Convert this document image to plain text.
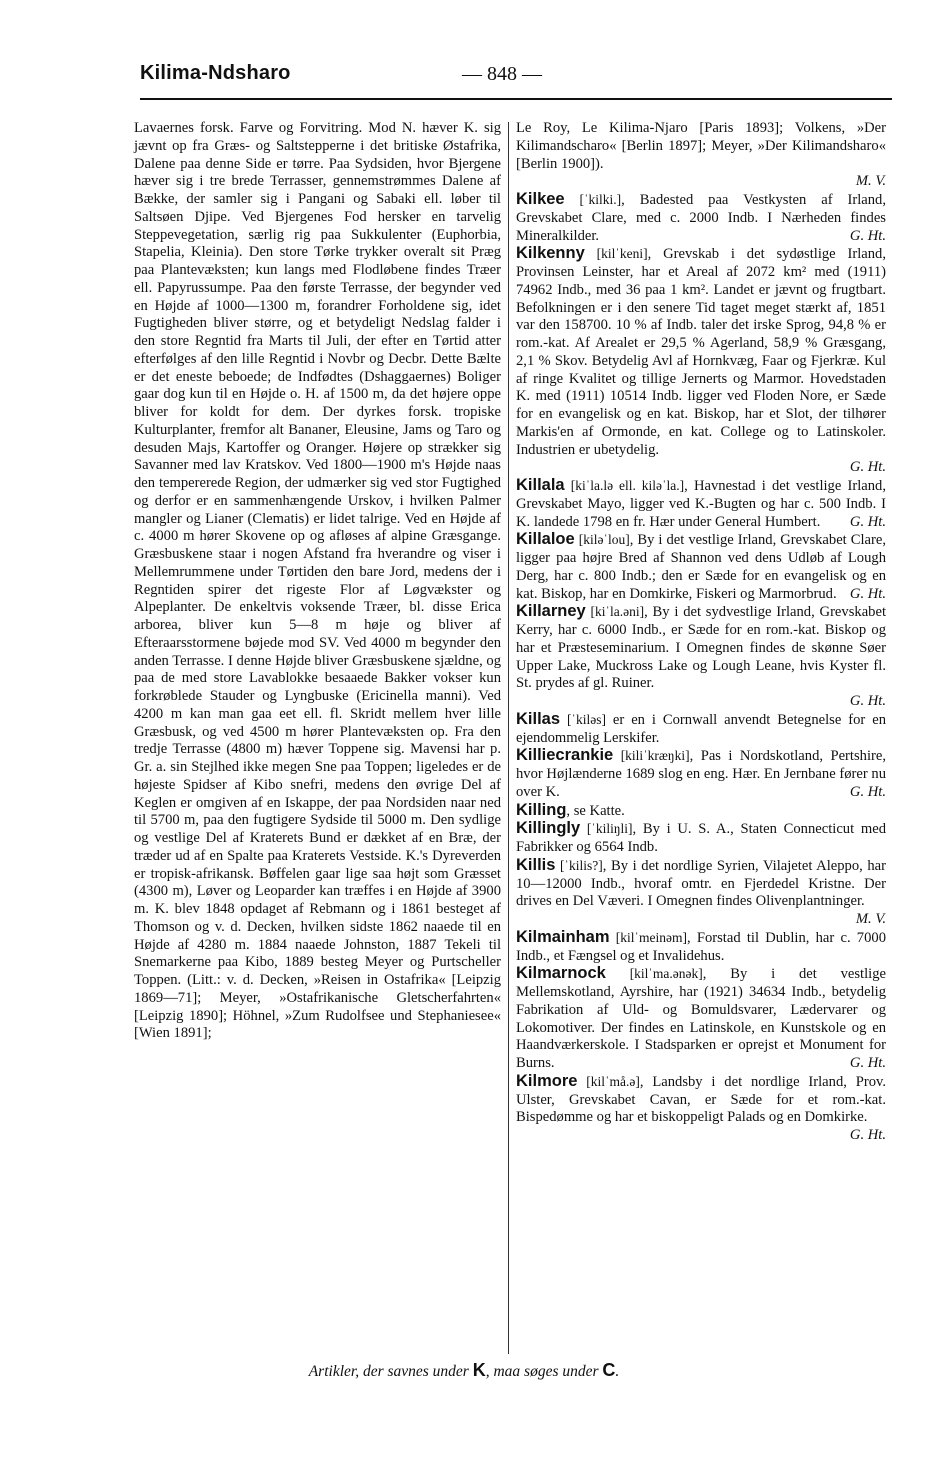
Kilima-Ndsharo	— 848 —

Lavaernes forsk. Farve og Forvitring. Mod N. hæver K. sig jævnt op fra Græs- og Saltstepperne i det britiske Østafrika, Dalene paa denne Side er tørre. Paa Sydsiden, hvor Bjergene hæver sig i tre brede Terrasser, gennemstrømmes Dalene af Bække, der samler sig i Pangani og Sabaki ell. løber til Saltsøen Djipe. Ved Bjergenes Fod hersker en tarvelig Steppevegetation, særlig rig paa Sukkulenter (Euphorbia, Stapelia, Kleinia). Den store Tørke trykker overalt sit Præg paa Plantevæksten; kun langs med Flodløbene findes Træer ell. Papyrussumpe. Paa den første Terrasse, der begynder ved en Højde af 1000—1300 m, forandrer Forholdene sig, idet Fugtigheden bliver større, og et betydeligt Nedslag falder i den store Regntid fra Marts til Juli, der efter en Tørtid atter efterfølges af den lille Regntid i Novbr og Decbr. Dette Bælte er det eneste beboede; de Indfødtes (Dshaggaernes) Boliger gaar dog kun til en Højde o. H. af 1500 m, da det højere oppe bliver for koldt for dem. Der dyrkes forsk. tropiske Kulturplanter, fremfor alt Bananer, Eleusine, Jams og Taro og desuden Majs, Kartoffer og Oranger. Højere op strækker sig Savanner med lav Kratskov. Ved 1800—1900 m's Højde naas den tempererede Region, der udmærker sig ved stor Fugtighed og derfor er en sammenhængende Urskov, i hvilken Palmer mangler og Lianer (Clematis) er lidet talrige. Ved en Højde af c. 4000 m hører Skovene op og afløses af alpine Græsgange. Græsbuskene staar i nogen Afstand fra hverandre og viser i Mellemrummene under Tørtiden den bare Jord, medens der i Regntiden spirer det rigeste Flor af Løgvækster og Alpeplanter. De enkeltvis voksende Træer, bl. disse Erica arborea, bliver kun 5—8 m høje og bliver af Efteraarsstormene bøjede mod SV. Ved 4000 m begynder den anden Terrasse. I denne Højde bliver Græsbuskene sjældne, og paa de med store Lavablokke besaaede Bakker vokser kun forkrøblede Stauder og Lyngbuske (Ericinella manni). Ved 4200 m kan man gaa eet ell. fl. Skridt mellem hver lille Græsbusk, og ved 4500 m hører Plantevæksten op. Fra den tredje Terrasse (4800 m) hæver Toppene sig. Mavensi har p. Gr. a. sin Stejlhed ikke megen Sne paa Toppen; ligeledes er de højeste Spidser af Kibo snefri, medens den øvrige Del af Keglen er omgiven af en Iskappe, der paa Nordsiden naar ned til 5700 m, paa den fugtigere Sydside til 5000 m. Den sydlige og vestlige Del af Kraterets Bund er dækket af en Bræ, der træder ud af en Spalte paa Kraterets Vestside. K.'s Dyreverden er tropisk-afrikansk. Bøffelen gaar lige saa højt som Græsset (4300 m), Løver og Leoparder kan træffes i en Højde af 3900 m. K. blev 1848 opdaget af Rebmann og i 1861 besteget af Thomson og v. d. Decken, hvilken sidste 1862 naaede til en Højde af 4280 m. 1884 naaede Johnston, 1887 Tekeli til Snemarkerne paa Kibo, 1889 besteg Meyer og Purtscheller Toppen. (Litt.: v. d. Decken, »Reisen in Ostafrika« [Leipzig 1869—71]; Meyer, »Ostafrikanische Gletscherfahrten« [Leipzig 1890]; Höhnel, »Zum Rudolfsee und Stephaniesee« [Wien 1891];

Le Roy, Le Kilima-Njaro [Paris 1893]; Volkens, »Der Kilimandscharo« [Berlin 1897]; Meyer, »Der Kilimandsharo« [Berlin 1900]).

M. V.

Kilkee [ˈkilki.], Badested paa Vestkysten af Irland, Grevskabet Clare, med c. 2000 Indb. I Nærheden findes Mineralkilder.	G. Ht.

Kilkenny [kilˈkeni], Grevskab i det sydøstlige Irland, Provinsen Leinster, har et Areal af 2072 km² med (1911) 74962 Indb., med 36 paa 1 km². Landet er jævnt og frugtbart. Befolkningen er i den senere Tid taget meget stærkt af, 1851 var den 158700. 10 % af Indb. taler det irske Sprog, 94,8 % er rom.-kat. Af Arealet er 29,5 % Agerland, 58,9 % Græsgang, 2,1 % Skov. Betydelig Avl af Hornkvæg, Faar og Fjerkræ. Kul af ringe Kvalitet og tillige Jernerts og Marmor. Hovedstaden K. med (1911) 10514 Indb. ligger ved Floden Nore, er Sæde for en evangelisk og en kat. Biskop, har et Slot, der tilhører Markis'en af Ormonde, en kat. College og to Latinskoler. Industrien er ubetydelig.

G. Ht.

Killala [kiˈla.lə ell. kiləˈla.], Havnestad i det vestlige Irland, Grevskabet Mayo, ligger ved K.-Bugten og har c. 500 Indb. I K. landede 1798 en fr. Hær under General Humbert.	G. Ht.

Killaloe [kiləˈlou], By i det vestlige Irland, Grevskabet Clare, ligger paa højre Bred af Shannon ved dens Udløb af Lough Derg, har c. 800 Indb.; den er Sæde for en evangelisk og en kat. Biskop, har en Domkirke, Fiskeri og Marmorbrud. G. Ht.

Killarney [kiˈla.əni], By i det sydvestlige Irland, Grevskabet Kerry, har c. 6000 Indb., er Sæde for en rom.-kat. Biskop og har et Præsteseminarium. I Omegnen findes de skønne Søer Upper Lake, Muckross Lake og Lough Leane, hvis Kyster fl. St. prydes af gl. Ruiner.

G. Ht.

Killas [ˈkiləs] er en i Cornwall anvendt Betegnelse for en ejendommelig Lerskifer.

Killiecrankie [kiliˈkræŋki], Pas i Nordskotland, Pertshire, hvor Højlænderne 1689 slog en eng. Hær. En Jernbane fører nu over K.	G. Ht.

Killing, se Katte.

Killingly [ˈkiliŋli], By i U. S. A., Staten Connecticut med Fabrikker og 6564 Indb.

Killis [ˈkilis?], By i det nordlige Syrien, Vilajetet Aleppo, har 10—12000 Indb., hvoraf omtr. en Fjerdedel Kristne. Der drives en Del Væveri. I Omegnen findes Olivenplantninger.

M. V.

Kilmainham [kilˈmeinəm], Forstad til Dublin, har c. 7000 Indb., et Fængsel og et Invalidehus.

Kilmarnock [kilˈma.ənək], By i det vestlige Mellemskotland, Ayrshire, har (1921) 34634 Indb., betydelig Fabrikation af Uld- og Bomuldsvarer, Lædervarer og Lokomotiver. Der findes en Latinskole, en Kunstskole og en Haandværkerskole. I Stadsparken er oprejst et Monument for Burns.	G. Ht.

Kilmore [kilˈmå.ə], Landsby i det nordlige Irland, Prov. Ulster, Grevskabet Cavan, er Sæde for et rom.-kat. Bispedømme og har et biskoppeligt Palads og en Domkirke.
G. Ht.

Artikler, der savnes under K, maa søges under C.
